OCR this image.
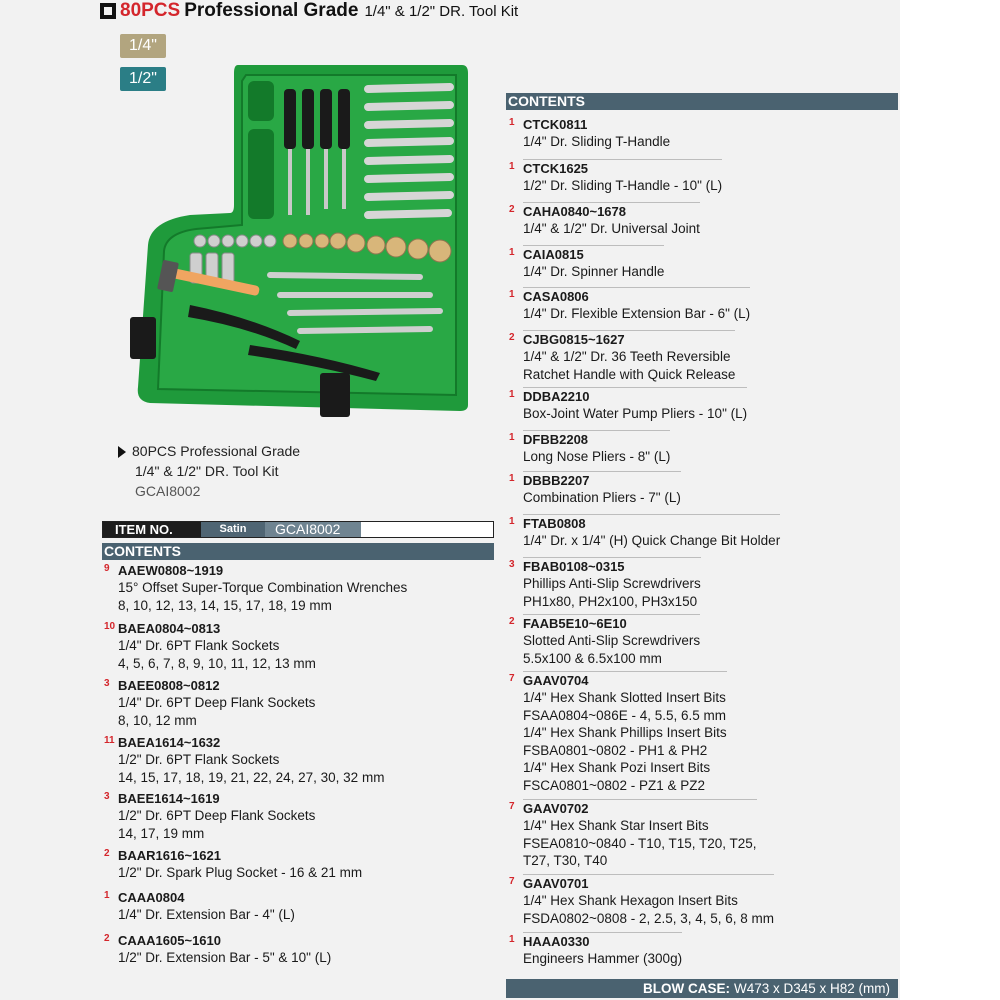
80PCS Professional Grade 1/4" & 1/2" DR. Tool Kit
1/4"
1/2"
80PCS Professional Grade
1/4" & 1/2" DR. Tool Kit
GCAI8002
ITEM NO.	Satin	GCAI8002
CONTENTS
CONTENTS
9 AAEW0808~1919
15° Offset Super-Torque Combination Wrenches
8, 10, 12, 13, 14, 15, 17, 18, 19 mm
10 BAEA0804~0813
1/4" Dr. 6PT Flank Sockets
4, 5, 6, 7, 8, 9, 10, 11, 12, 13 mm
3 BAEE0808~0812
1/4" Dr. 6PT Deep Flank Sockets
8, 10, 12 mm
11 BAEA1614~1632
1/2" Dr. 6PT Flank Sockets
14, 15, 17, 18, 19, 21, 22, 24, 27, 30, 32 mm
3 BAEE1614~1619
1/2" Dr. 6PT Deep Flank Sockets
14, 17, 19 mm
2 BAAR1616~1621
1/2" Dr. Spark Plug Socket - 16 & 21 mm
1 CAAA0804
1/4" Dr. Extension Bar - 4" (L)
2 CAAA1605~1610
1/2" Dr. Extension Bar - 5" & 10" (L)
1 CTCK0811
1/4" Dr. Sliding T-Handle
1 CTCK1625
1/2" Dr. Sliding T-Handle - 10" (L)
2 CAHA0840~1678
1/4" & 1/2" Dr. Universal Joint
1 CAIA0815
1/4" Dr. Spinner Handle
1 CASA0806
1/4" Dr. Flexible Extension Bar - 6" (L)
2 CJBG0815~1627
1/4" & 1/2" Dr. 36 Teeth Reversible
Ratchet Handle with Quick Release
1 DDBA2210
Box-Joint Water Pump Pliers - 10" (L)
1 DFBB2208
Long Nose Pliers - 8" (L)
1 DBBB2207
Combination Pliers - 7" (L)
1 FTAB0808
1/4" Dr. x 1/4" (H) Quick Change Bit Holder
3 FBAB0108~0315
Phillips Anti-Slip Screwdrivers
PH1x80, PH2x100, PH3x150
2 FAAB5E10~6E10
Slotted Anti-Slip Screwdrivers
5.5x100 & 6.5x100 mm
7 GAAV0704
1/4" Hex Shank Slotted Insert Bits
FSAA0804~086E - 4, 5.5, 6.5 mm
1/4" Hex Shank Phillips Insert Bits
FSBA0801~0802 - PH1 & PH2
1/4" Hex Shank Pozi Insert Bits
FSCA0801~0802 - PZ1 & PZ2
7 GAAV0702
1/4" Hex Shank Star Insert Bits
FSEA0810~0840 - T10, T15, T20, T25,
T27, T30, T40
7 GAAV0701
1/4" Hex Shank Hexagon Insert Bits
FSDA0802~0808 - 2, 2.5, 3, 4, 5, 6, 8 mm
1 HAAA0330
Engineers Hammer (300g)
BLOW CASE: W473 x D345 x H82 (mm)
